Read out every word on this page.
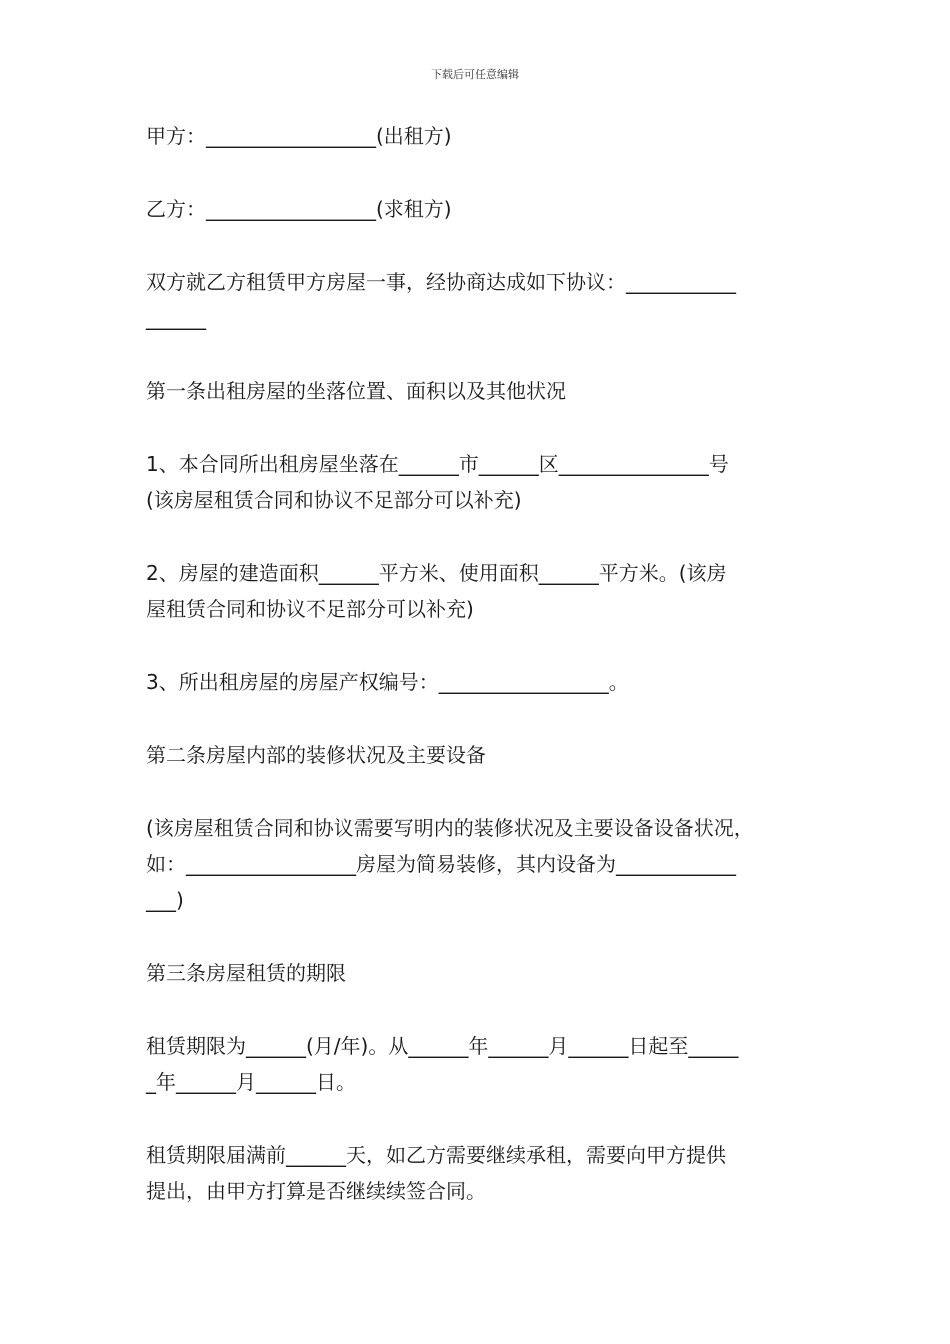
下载后可任意编辑

甲方：_________________(出租方)

乙方：_________________(求租方)

双方就乙方租赁甲方房屋一事，经协商达成如下协议：___________
______

第一条出租房屋的坐落位置、面积以及其他状况

1、本合同所出租房屋坐落在______市______区_______________号
(该房屋租赁合同和协议不足部分可以补充)

2、房屋的建造面积______平方米、使用面积______平方米。(该房
屋租赁合同和协议不足部分可以补充)

3、所出租房屋的房屋产权编号：_________________。

第二条房屋内部的装修状况及主要设备

(该房屋租赁合同和协议需要写明内的装修状况及主要设备设备状况，
如：_________________房屋为简易装修，其内设备为____________
___)

第三条房屋租赁的期限

租赁期限为______(月/年)。从______年______月______日起至_____
_年______月______日。

租赁期限届满前______天，如乙方需要继续承租，需要向甲方提供
提出，由甲方打算是否继续续签合同。
